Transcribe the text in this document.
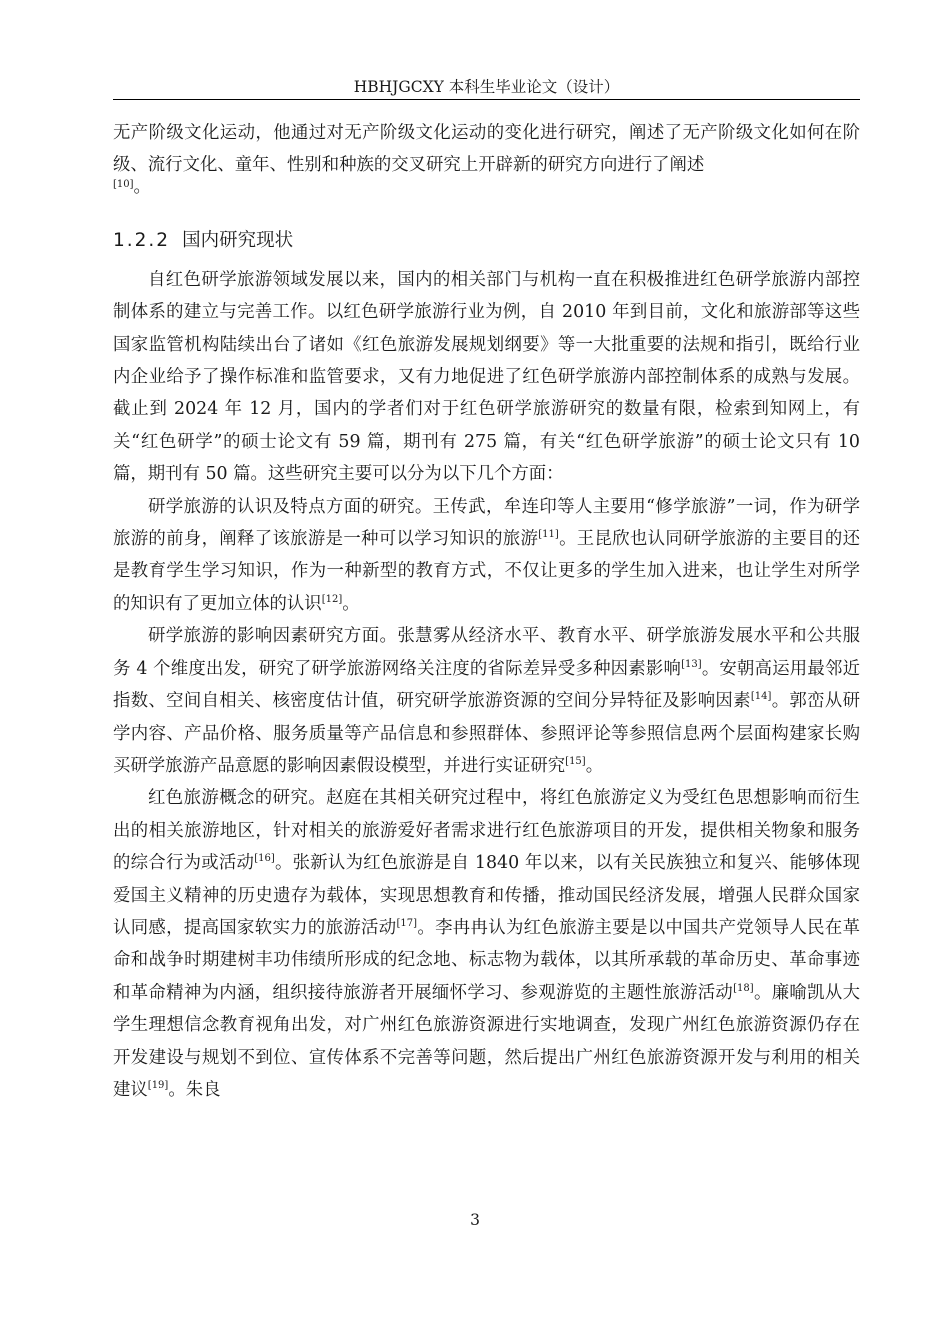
HBHJGCXY 本科生毕业论文（设计）

无产阶级文化运动，他通过对无产阶级文化运动的变化进行研究，阐述了无产阶级文化如何在阶级、流行文化、童年、性别和种族的交叉研究上开辟新的研究方向进行了阐述

[10]。
1.2.2 国内研究现状

自红色研学旅游领域发展以来，国内的相关部门与机构一直在积极推进红色研学旅游内部控制体系的建立与完善工作。以红色研学旅游行业为例，自 2010 年到目前，文化和旅游部等这些国家监管机构陆续出台了诸如《红色旅游发展规划纲要》等一大批重要的法规和指引，既给行业内企业给予了操作标准和监管要求，又有力地促进了红色研学旅游内部控制体系的成熟与发展。截止到 2024 年 12 月，国内的学者们对于红色研学旅游研究的数量有限，检索到知网上，有关“红色研学”的硕士论文有 59 篇，期刊有 275 篇，有关“红色研学旅游”的硕士论文只有 10 篇，期刊有 50 篇。这些研究主要可以分为以下几个方面：

研学旅游的认识及特点方面的研究。王传武，牟连印等人主要用“修学旅游”一词，作为研学旅游的前身，阐释了该旅游是一种可以学习知识的旅游[11]。王昆欣也认同研学旅游的主要目的还是教育学生学习知识，作为一种新型的教育方式，不仅让更多的学生加入进来，也让学生对所学的知识有了更加立体的认识[12]。

研学旅游的影响因素研究方面。张慧雾从经济水平、教育水平、研学旅游发展水平和公共服务 4 个维度出发，研究了研学旅游网络关注度的省际差异受多种因素影响[13]。安朝高运用最邻近指数、空间自相关、核密度估计值，研究研学旅游资源的空间分异特征及影响因素[14]。郭峦从研学内容、产品价格、服务质量等产品信息和参照群体、参照评论等参照信息两个层面构建家长购买研学旅游产品意愿的影响因素假设模型，并进行实证研究[15]。

红色旅游概念的研究。赵庭在其相关研究过程中，将红色旅游定义为受红色思想影响而衍生出的相关旅游地区，针对相关的旅游爱好者需求进行红色旅游项目的开发，提供相关物象和服务的综合行为或活动[16]。张新认为红色旅游是自 1840 年以来，以有关民族独立和复兴、能够体现爱国主义精神的历史遗存为载体，实现思想教育和传播，推动国民经济发展，增强人民群众国家认同感，提高国家软实力的旅游活动[17]。李冉冉认为红色旅游主要是以中国共产党领导人民在革命和战争时期建树丰功伟绩所形成的纪念地、标志物为载体，以其所承载的革命历史、革命事迹和革命精神为内涵，组织接待旅游者开展缅怀学习、参观游览的主题性旅游活动[18]。廉喻凯从大学生理想信念教育视角出发，对广州红色旅游资源进行实地调查，发现广州红色旅游资源仍存在开发建设与规划不到位、宣传体系不完善等问题，然后提出广州红色旅游资源开发与利用的相关建议[19]。朱良

3
